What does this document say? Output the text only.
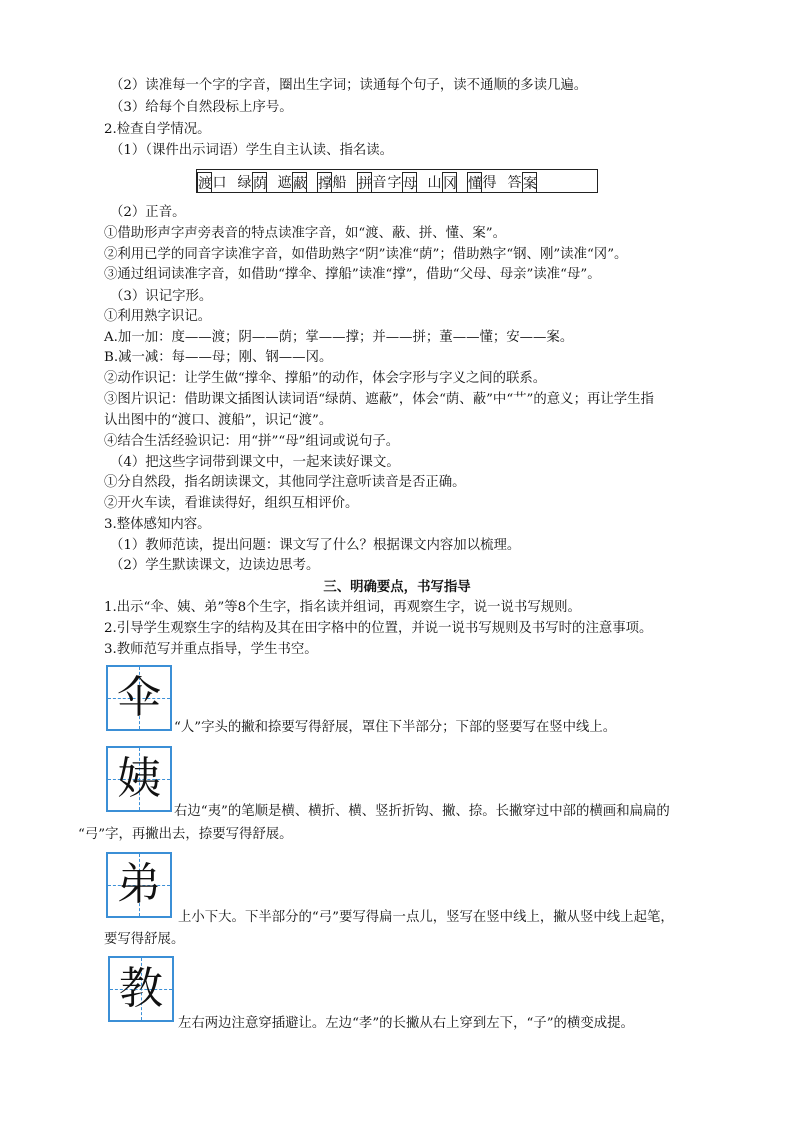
（2）读准每一个字的字音，圈出生字词；读通每个句子，读不通顺的多读几遍。
（3）给每个自然段标上序号。
2.检查自学情况。
（1）（课件出示词语）学生自主认读、指名读。
渡 口 绿 荫 遮 蔽 撑 船 拼 音 字 母 山 冈 懂 得 答 案
（2）正音。
①借助形声字声旁表音的特点读准字音，如“渡、蔽、拼、懂、案”。
②利用已学的同音字读准字音，如借助熟字“阴”读准“荫”；借助熟字“钢、刚”读准“冈”。
③通过组词读准字音，如借助“撑伞、撑船”读准“撑”，借助“父母、母亲”读准“母”。
（3）识记字形。
①利用熟字识记。
A.加一加：度——渡；阴——荫；掌——撑；并——拼；董——懂；安——案。
B.减一减：每——母；刚、钢——冈。
②动作识记：让学生做“撑伞、撑船”的动作，体会字形与字义之间的联系。
③图片识记：借助课文插图认读词语“绿荫、遮蔽”，体会“荫、蔽”中“艹”的意义；再让学生指
认出图中的“渡口、渡船”，识记“渡”。
④结合生活经验识记：用“拼”“母”组词或说句子。
（4）把这些字词带到课文中，一起来读好课文。
①分自然段，指名朗读课文，其他同学注意听读音是否正确。
②开火车读，看谁读得好，组织互相评价。
3.整体感知内容。
（1）教师范读，提出问题：课文写了什么？根据课文内容加以梳理。
（2）学生默读课文，边读边思考。
三、明确要点，书写指导
1.出示“伞、姨、弟”等8个生字，指名读并组词，再观察生字，说一说书写规则。
2.引导学生观察生字的结构及其在田字格中的位置，并说一说书写规则及书写时的注意事项。
3.教师范写并重点指导，学生书空。
伞
“人”字头的撇和捺要写得舒展，罩住下半部分；下部的竖要写在竖中线上。
姨
右边“夷”的笔顺是横、横折、横、竖折折钩、撇、捺。长撇穿过中部的横画和扁扁的
“弓”字，再撇出去，捺要写得舒展。
弟
上小下大。下半部分的“弓”要写得扁一点儿，竖写在竖中线上，撇从竖中线上起笔，
要写得舒展。
教
左右两边注意穿插避让。左边“孝”的长撇从右上穿到左下，“子”的横变成提。
